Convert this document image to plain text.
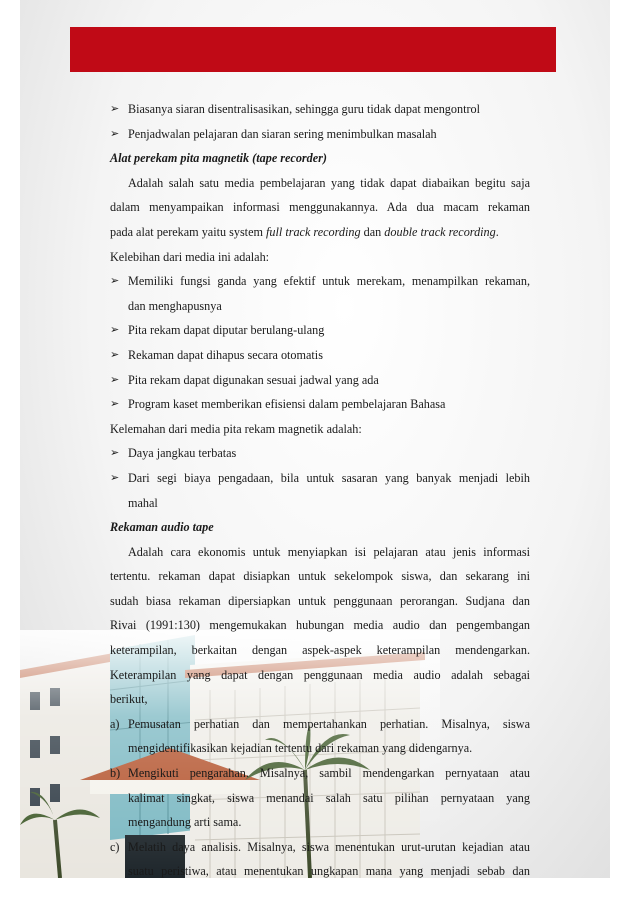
➢ Biasanya siaran disentralisasikan, sehingga guru tidak dapat mengontrol
➢ Penjadwalan pelajaran dan siaran sering menimbulkan masalah
Alat perekam pita magnetik (tape recorder)
Adalah salah satu media pembelajaran yang tidak dapat diabaikan begitu saja
dalam menyampaikan informasi menggunakannya. Ada dua macam rekaman
pada alat perekam yaitu system full track recording dan double track recording.
Kelebihan dari media ini adalah:
➢ Memiliki fungsi ganda yang efektif untuk merekam, menampilkan rekaman,
dan menghapusnya
➢ Pita rekam dapat diputar berulang-ulang
➢ Rekaman dapat dihapus secara otomatis
➢ Pita rekam dapat digunakan sesuai jadwal yang ada
➢ Program kaset memberikan efisiensi dalam pembelajaran Bahasa
Kelemahan dari media pita rekam magnetik adalah:
➢ Daya jangkau terbatas
➢ Dari segi biaya pengadaan, bila untuk sasaran yang banyak menjadi lebih
mahal
Rekaman audio tape
Adalah cara ekonomis untuk menyiapkan isi pelajaran atau jenis informasi
tertentu. rekaman dapat disiapkan untuk sekelompok siswa, dan sekarang ini
sudah biasa rekaman dipersiapkan untuk penggunaan perorangan. Sudjana dan
Rivai (1991:130) mengemukakan hubungan media audio dan pengembangan
keterampilan, berkaitan dengan aspek-aspek keterampilan mendengarkan.
Keterampilan yang dapat dengan penggunaan media audio adalah sebagai
berikut,
a) Pemusatan perhatian dan mempertahankan perhatian. Misalnya, siswa
mengidentifikasikan kejadian tertentu dari rekaman yang didengarnya.
b) Mengikuti pengarahan. Misalnya, sambil mendengarkan pernyataan atau
kalimat singkat, siswa menandai salah satu pilihan pernyataan yang
mengandung arti sama.
c) Melatih daya analisis. Misalnya, siswa menentukan urut-urutan kejadian atau
suatu peristiwa, atau menentukan ungkapan mana yang menjadi sebab dan
